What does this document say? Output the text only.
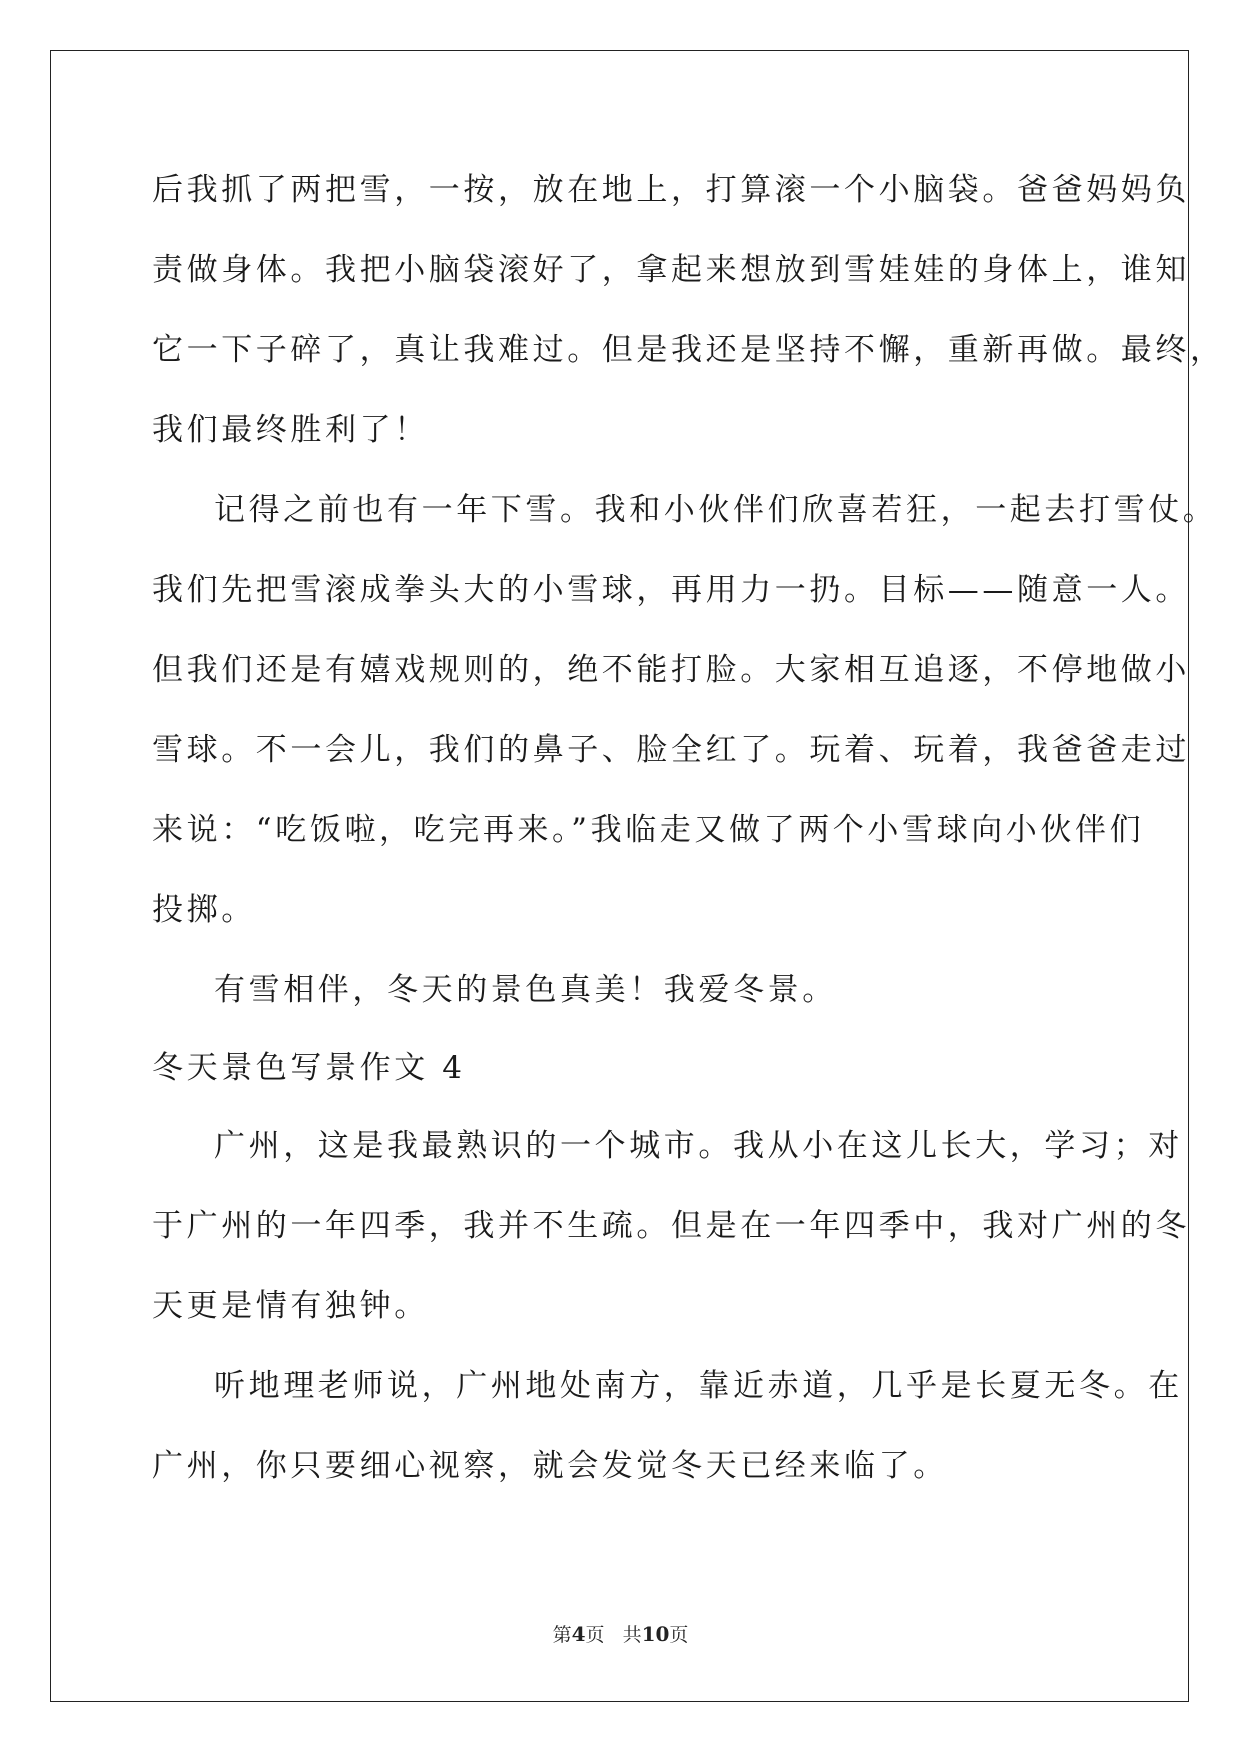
后我抓了两把雪，一按，放在地上，打算滚一个小脑袋。爸爸妈妈负
责做身体。我把小脑袋滚好了，拿起来想放到雪娃娃的身体上，谁知
它一下子碎了，真让我难过。但是我还是坚持不懈，重新再做。最终，
我们最终胜利了！
记得之前也有一年下雪。我和小伙伴们欣喜若狂，一起去打雪仗。
我们先把雪滚成拳头大的小雪球，再用力一扔。目标——随意一人。
但我们还是有嬉戏规则的，绝不能打脸。大家相互追逐，不停地做小
雪球。不一会儿，我们的鼻子、脸全红了。玩着、玩着，我爸爸走过
来说：“吃饭啦，吃完再来。”我临走又做了两个小雪球向小伙伴们
投掷。
有雪相伴，冬天的景色真美！我爱冬景。
冬天景色写景作文 4
广州，这是我最熟识的一个城市。我从小在这儿长大，学习；对
于广州的一年四季，我并不生疏。但是在一年四季中，我对广州的冬
天更是情有独钟。
听地理老师说，广州地处南方，靠近赤道，几乎是长夏无冬。在
广州，你只要细心视察，就会发觉冬天已经来临了。
第4页 共10页
